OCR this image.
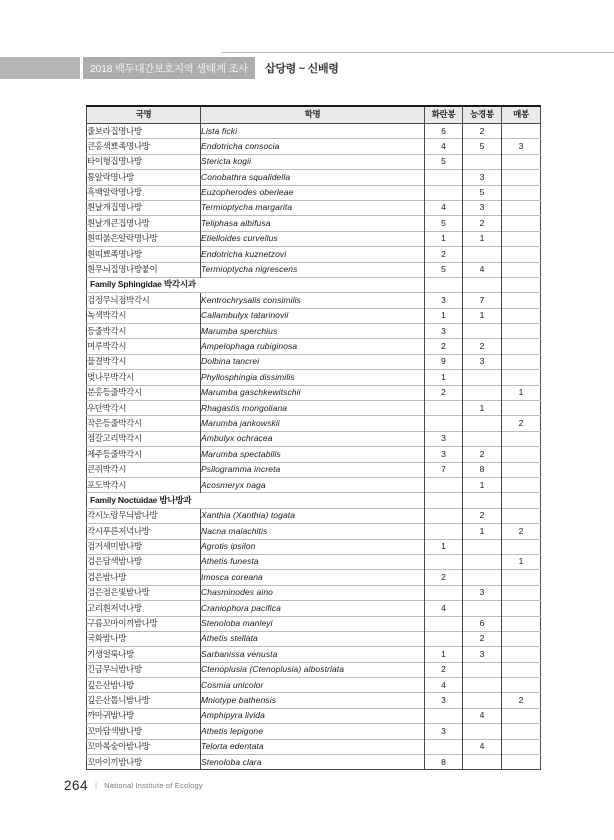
2018 백두대간보호지역 생태계 조사 삽당령 ~ 신배령
국명	학명	화란봉	능경봉	매봉
줄보라집명나방	Lista ficki	6	2	
큰홍색뾰족명나방	Endotricha consocia	4	5	3
타이형집명나방	Stericta kogii	5		
통알락명나방	Conobathra squalidella		3	
흑백알락명나방	Euzopherodes oberleae		5	
흰날개집명나방	Termioptycha margarita	4	3	
흰날개큰집명나방	Teliphasa albifusa	5	2	
흰띠붉은알락명나방	Etielloides curvellus	1	1	
흰띠뾰족명나방	Endotricha kuznetzovi	2		
흰무늬집명나방붙이	Termioptycha nigrescens	5	4	
Family Sphingidae 박각시과				
검정무늬점박각시	Kentrochrysalis consimilis	3	7	
녹색박각시	Callambulyx tatarinovii	1	1	
등줄박각시	Marumba sperchius	3		
머루박각시	Ampelophaga rubiginosa	2	2	
물결박각시	Dolbina tancrei	9	3	
벚나무박각시	Phyllosphingia dissimilis	1		
분홍등줄박각시	Marumba gaschkewitschii	2		1
우단박각시	Rhagastis mongoliana		1	
작은등줄박각시	Marumba jankowskii			2
점갈고리박각시	Ambulyx ochracea	3		
제주등줄박각시	Marumba spectabilis	3	2	
큰쥐박각시	Psilogramma increta	7	8	
포도박각시	Acosmeryx naga		1	
Family Noctuidae 밤나방과				
각시노랑무늬밤나방	Xanthia (Xanthia) togata		2	
각시푸른저녁나방	Nacna malachitis		1	2
검거세미밤나방	Agrotis ipsilon	1		
검은담색밤나방	Athetis funesta			1
검은밤나방	Imosca coreana	2		
검은점은빛밤나방	Chasminodes aino		3	
고리흰저녁나방	Craniophora pacifica	4		
구름꼬마이끼밤나방	Stenoloba manleyi		6	
국화밤나방	Athetis stellata		2	
기생얼룩나방	Sarbanissa venusta	1	3	
긴금무늬밤나방	Ctenoplusia (Ctenoplusia) albostriata	2		
깊은산밤나방	Cosmia unicolor	4		
깊은산톱니밤나방	Mniotype bathensis	3		2
까마귀밤나방	Amphipyra livida		4	
꼬마담색밤나방	Athetis lepigone	3		
꼬마복숭아밤나방	Telorta edentata		4	
꼬마이끼밤나방	Stenoloba clara	8		
264 | National Institute of Ecology
